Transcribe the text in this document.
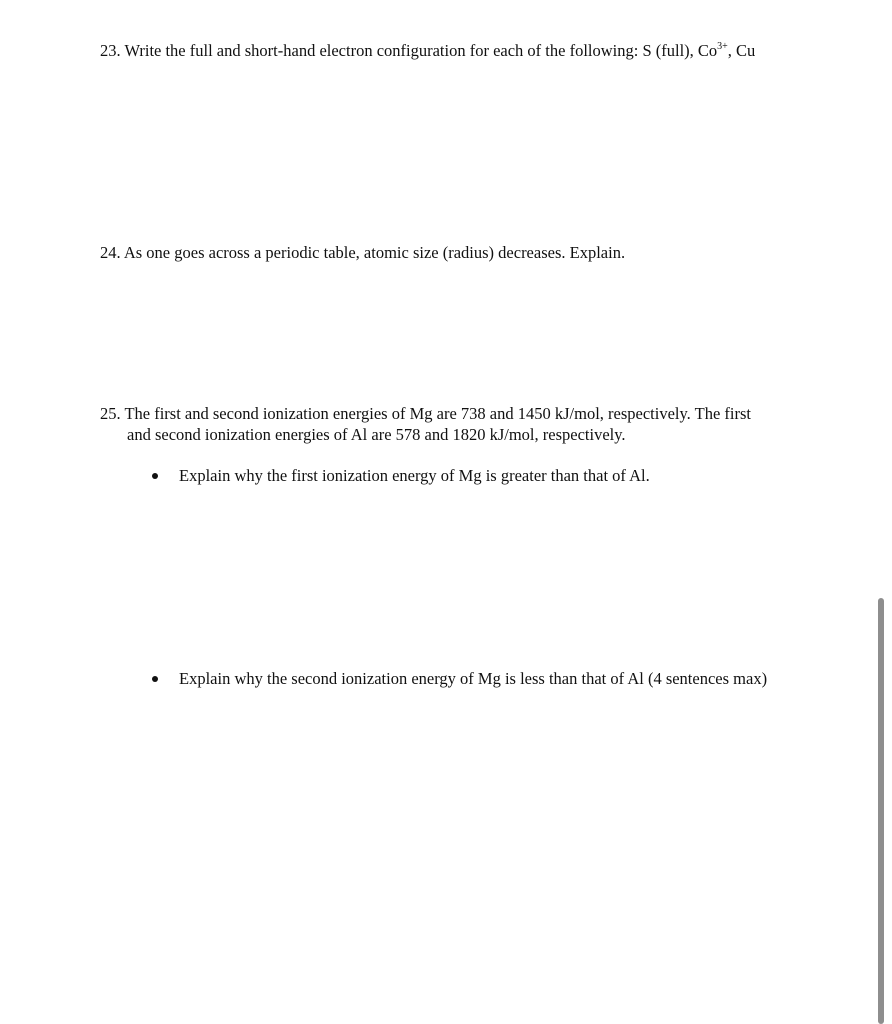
23. Write the full and short-hand electron configuration for each of the following: S (full), $Co^{3+}$, Cu
24. As one goes across a periodic table, atomic size (radius) decreases. Explain.
25. The first and second ionization energies of Mg are 738 and 1450 kJ/mol, respectively. The first
and second ionization energies of Al are 578 and 1820 kJ/mol, respectively.
Explain why the first ionization energy of Mg is greater than that of Al.
Explain why the second ionization energy of Mg is less than that of Al (4 sentences max)
